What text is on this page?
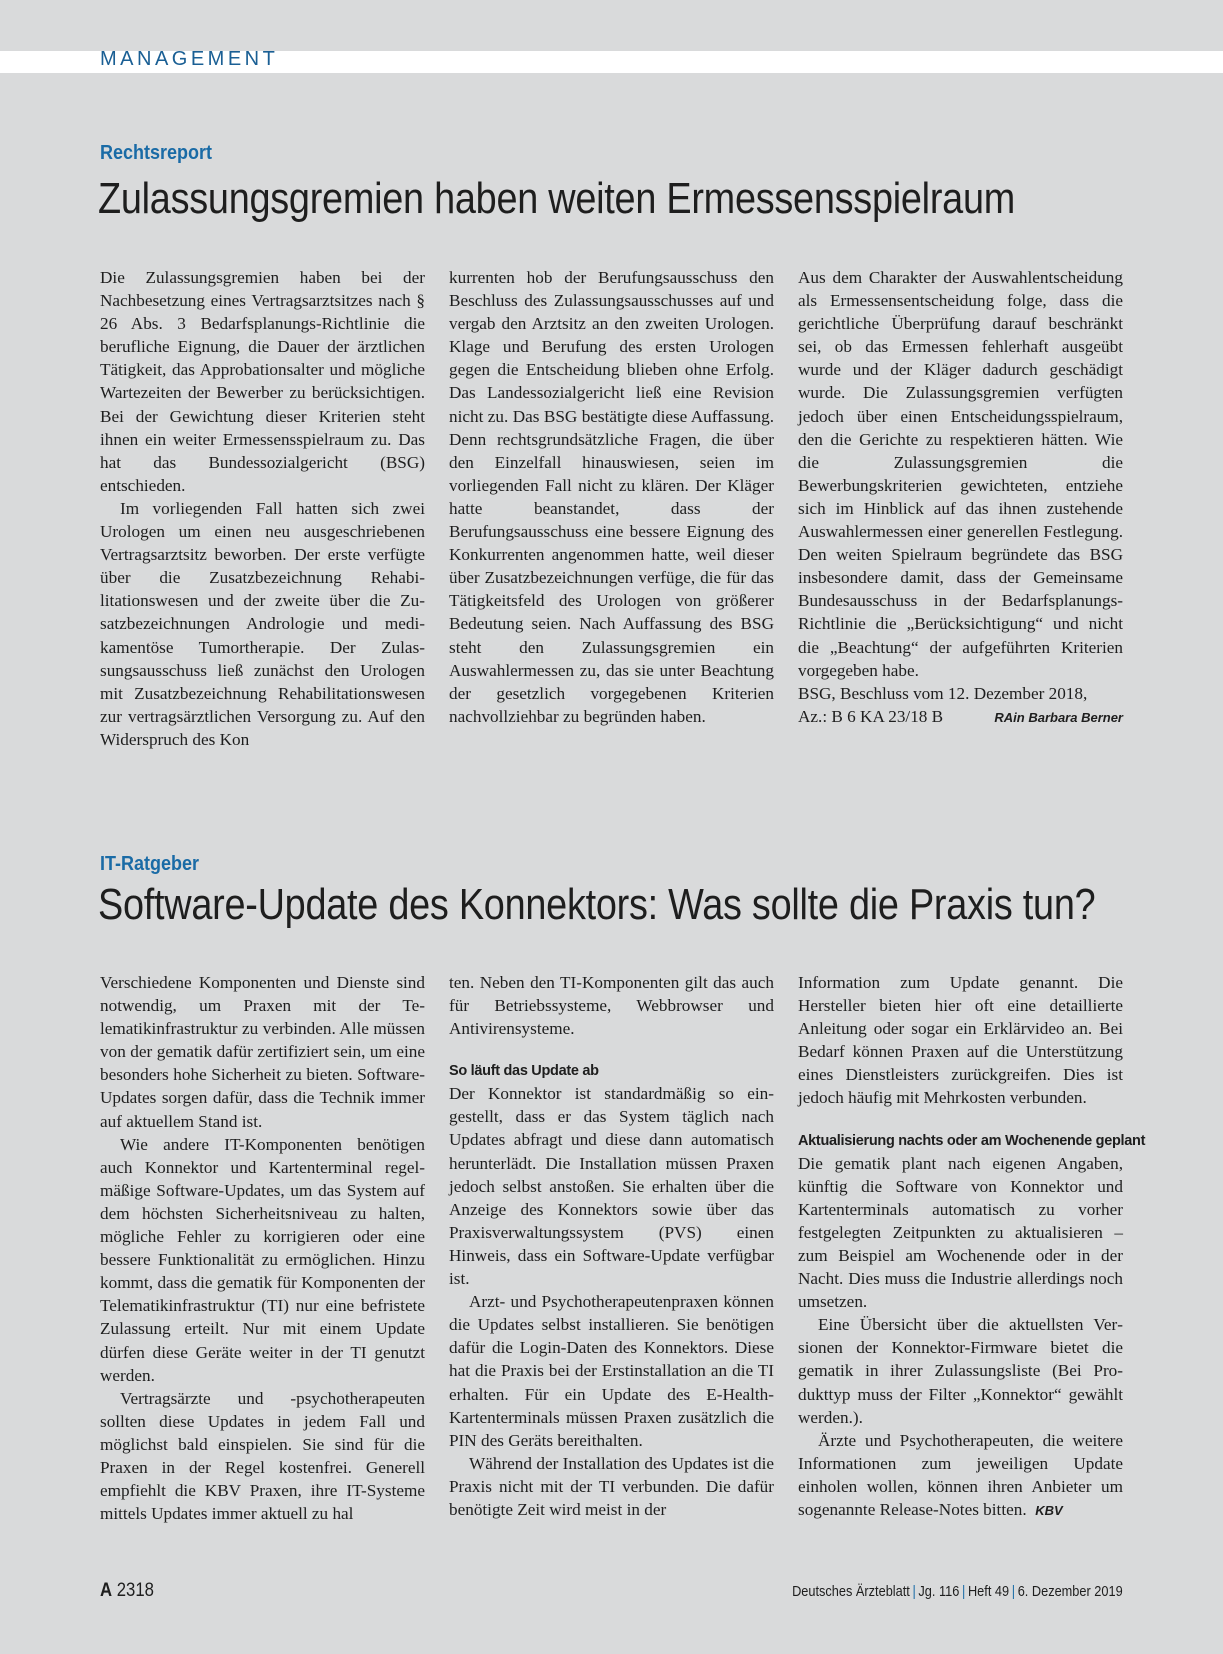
MANAGEMENT
Rechtsreport
Zulassungsgremien haben weiten Ermessensspielraum

Die Zulassungsgremien haben bei der Nachbesetzung eines Vertragsarztsitzes nach § 26 Abs. 3 Bedarfsplanungs-Richtlinie die berufliche Eignung, die Dauer der ärztlichen Tätigkeit, das Approbationsalter und mögliche Wartezeiten der Bewerber zu berücksichtigen. Bei der Gewichtung dieser Kriterien steht ihnen ein weiter Ermessensspielraum zu. Das hat das Bundessozialgericht (BSG) entschieden.

Im vorliegenden Fall hatten sich zwei Urologen um einen neu ausgeschriebenen Vertragsarztsitz beworben. Der erste verfügte über die Zusatzbezeichnung Rehabilitationswesen und der zweite über die Zusatzbezeichnungen Andrologie und medikamentöse Tumortherapie. Der Zulassungsausschuss ließ zunächst den Urologen mit Zusatzbezeichnung Rehabilitationswesen zur vertragsärztlichen Versorgung zu. Auf den Widerspruch des Kon

kurrenten hob der Berufungsausschuss den Beschluss des Zulassungsausschusses auf und vergab den Arztsitz an den zweiten Urologen. Klage und Berufung des ersten Urologen gegen die Entscheidung blieben ohne Erfolg. Das Landessozialgericht ließ eine Revision nicht zu. Das BSG bestätigte diese Auffassung. Denn rechtsgrundsätzliche Fragen, die über den Einzelfall hinauswiesen, seien im vorliegenden Fall nicht zu klären. Der Kläger hatte beanstandet, dass der Berufungsausschuss eine bessere Eignung des Konkurrenten angenommen hatte, weil dieser über Zusatzbezeichnungen verfüge, die für das Tätigkeitsfeld des Urologen von größerer Bedeutung seien. Nach Auffassung des BSG steht den Zulassungsgremien ein Auswahlermessen zu, das sie unter Beachtung der gesetzlich vorgegebenen Kriterien nachvollziehbar zu begründen haben.

Aus dem Charakter der Auswahlentscheidung als Ermessensentscheidung folge, dass die gerichtliche Überprüfung darauf beschränkt sei, ob das Ermessen fehlerhaft ausgeübt wurde und der Kläger dadurch geschädigt wurde. Die Zulassungsgremien verfügten jedoch über einen Entscheidungsspielraum, den die Gerichte zu respektieren hätten. Wie die Zulassungsgremien die Bewerbungskriterien gewichteten, entziehe sich im Hinblick auf das ihnen zustehende Auswahlermessen einer generellen Festlegung. Den weiten Spielraum begründete das BSG insbesondere damit, dass der Gemeinsame Bundesausschuss in der Bedarfsplanungs-Richtlinie die „Berücksichtigung“ und nicht die „Beachtung“ der aufgeführten Kriterien vorgegeben habe.

BSG, Beschluss vom 12. Dezember 2018,

Az.: B 6 KA 23/18 B	RAin Barbara Berner

IT-Ratgeber
Software-Update des Konnektors: Was sollte die Praxis tun?

Verschiedene Komponenten und Dienste sind notwendig, um Praxen mit der Telematikinfrastruktur zu verbinden. Alle müssen von der gematik dafür zertifiziert sein, um eine besonders hohe Sicherheit zu bieten. Software-Updates sorgen dafür, dass die Technik immer auf aktuellem Stand ist.

Wie andere IT-Komponenten benötigen auch Konnektor und Kartenterminal regelmäßige Software-Updates, um das System auf dem höchsten Sicherheitsniveau zu halten, mögliche Fehler zu korrigieren oder eine bessere Funktionalität zu ermöglichen. Hinzu kommt, dass die gematik für Komponenten der Telematikinfrastruktur (TI) nur eine befristete Zulassung erteilt. Nur mit einem Update dürfen diese Geräte weiter in der TI genutzt werden.

Vertragsärzte und -psychotherapeuten sollten diese Updates in jedem Fall und möglichst bald einspielen. Sie sind für die Praxen in der Regel kostenfrei. Generell empfiehlt die KBV Praxen, ihre IT-Systeme mittels Updates immer aktuell zu hal

ten. Neben den TI-Komponenten gilt das auch für Betriebssysteme, Webbrowser und Antivirensysteme.

So läuft das Update ab

Der Konnektor ist standardmäßig so eingestellt, dass er das System täglich nach Updates abfragt und diese dann automatisch herunterlädt. Die Installation müssen Praxen jedoch selbst anstoßen. Sie erhalten über die Anzeige des Konnektors sowie über das Praxisverwaltungssystem (PVS) einen Hinweis, dass ein Software-Update verfügbar ist.

Arzt- und Psychotherapeutenpraxen können die Updates selbst installieren. Sie benötigen dafür die Login-Daten des Konnektors. Diese hat die Praxis bei der Erstinstallation an die TI erhalten. Für ein Update des E-Health-Kartenterminals müssen Praxen zusätzlich die PIN des Geräts bereithalten.

Während der Installation des Updates ist die Praxis nicht mit der TI verbunden. Die dafür benötigte Zeit wird meist in der

Information zum Update genannt. Die Hersteller bieten hier oft eine detaillierte Anleitung oder sogar ein Erklärvideo an. Bei Bedarf können Praxen auf die Unterstützung eines Dienstleisters zurückgreifen. Dies ist jedoch häufig mit Mehrkosten verbunden.

Aktualisierung nachts oder am Wochenende geplant

Die gematik plant nach eigenen Angaben, künftig die Software von Konnektor und Kartenterminals automatisch zu vorher festgelegten Zeitpunkten zu aktualisieren – zum Beispiel am Wochenende oder in der Nacht. Dies muss die Industrie allerdings noch umsetzen.

Eine Übersicht über die aktuellsten Versionen der Konnektor-Firmware bietet die gematik in ihrer Zulassungsliste (Bei Produkttyp muss der Filter „Konnektor“ gewählt werden.).

Ärzte und Psychotherapeuten, die weitere Informationen zum jeweiligen Update einholen wollen, können ihren Anbieter um sogenannte Release-Notes bitten. KBV

A 2318	Deutsches Ärzteblatt | Jg. 116 | Heft 49 | 6. Dezember 2019
